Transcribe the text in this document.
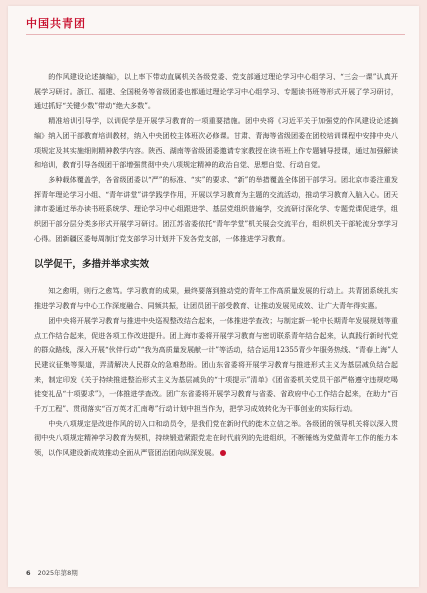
中国共青团

的作风建设论述摘编》，以上率下带动直属机关各级党委、党支部通过理论学习中心组学习、“三会一课”认真开展学习研讨。浙江、福建、全国税务等省级团委也都通过理论学习中心组学习、专题读书班等形式开展了学习研讨，通过抓好“关键少数”带动“绝大多数”。

精准培训引导学，以训促学是开展学习教育的一项重要措施。团中央将《习近平关于加强党的作风建设论述摘编》纳入团干部教育培训教材，纳入中央团校主体班次必修课。甘肃、青海等省级团委在团校培训课程中安排中央八项规定及其实施细则精神教学内容。陕西、湖南等省级团委邀请专家教授在读书班上作专题辅导授课，通过加强解读和培训，教育引导各级团干部增强贯彻中央八项规定精神的政治自觉、思想自觉、行动自觉。

多种载体覆盖学，各省级团委以“严”的标准、“实”的要求、“新”的举措覆盖全体团干部学习。团北京市委注重发挥青年理论学习小组、“青年讲堂”讲学践学作用，开展以学习教育为主题的交流活动，推动学习教育入脑入心。团天津市委通过举办读书班系统学、理论学习中心组跟进学、基层党组织普遍学，交流研讨深化学、专题党课促进学，组织团干部分层分类多形式开展学习研讨。团江苏省委依托“青年学堂”机关展会交流平台，组织机关干部轮流分享学习心得。团新疆区委每周制订党支部学习计划并下发各党支部，一体推进学习教育。

以学促干，多措并举求实效

知之愈明，则行之愈笃。学习教育的成果，最终要落到推动党的青年工作高质量发展的行动上。共青团系统扎实推进学习教育与中心工作深度融合、同频共振，让团员团干部受教育、让推动发展见成效、让广大青年得实惠。

团中央将开展学习教育与推进中央巡视整改结合起来，一体推进学查改；与制定新一轮中长期青年发展规划等重点工作结合起来，促进各项工作改进提升。团上海市委将开展学习教育与密切联系青年结合起来，认真践行新时代党的群众路线，深入开展“伙伴行动”“我为高质量发展献一计”等活动，结合运用12355青少年服务热线、“青春上海”人民建议征集等渠道，弄清解决人民群众的急难愁盼。团山东省委将开展学习教育与推进形式主义为基层减负结合起来，制定印发《关于持续推进整治形式主义为基层减负的“十项提示”清单》《团省委机关党员干部严格遵守违规吃喝徒变礼品“十项要求”》，一体推进学查改。团广东省委将开展学习教育与省委、省政府中心工作结合起来，在助力“百千万工程”、贯彻落实“百万英才汇南粤”行动计划中担当作为，把学习成效转化为干事创业的实际行动。

中央八项规定是改进作风的切入口和动员令，是我们党在新时代的徙木立信之举。各级团的领导机关将以深入贯彻中央八项规定精神学习教育为契机，持续锻造紧跟党走在时代前列的先进组织，不断锤炼为党做青年工作的能力本领，以作风建设新成效推动全面从严管团治团向纵深发展。

6 2025年第8期
